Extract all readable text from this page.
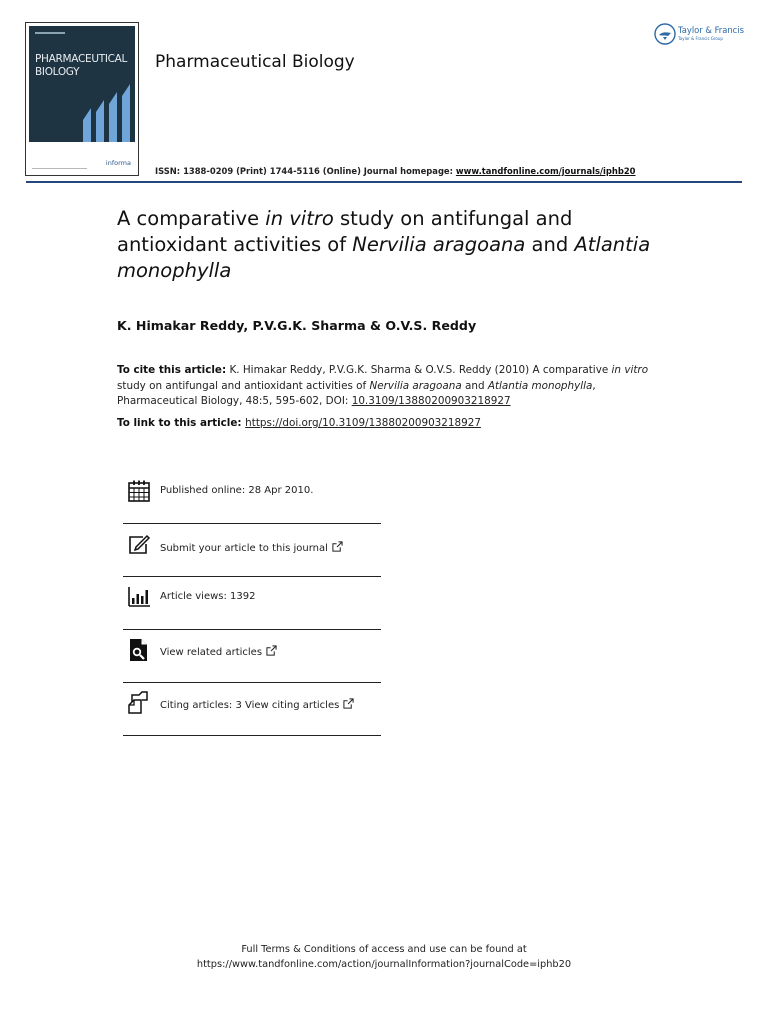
PHARMACEUTICAL
BIOLOGY
informa
Pharmaceutical Biology
ISSN: 1388-0209 (Print) 1744-5116 (Online) Journal homepage: www.tandfonline.com/journals/iphb20
Taylor & Francis
Taylor & Francis Group
A comparative in vitro study on antifungal and antioxidant activities of Nervilia aragoana and Atlantia monophylla
K. Himakar Reddy, P.V.G.K. Sharma & O.V.S. Reddy
To cite this article: K. Himakar Reddy, P.V.G.K. Sharma & O.V.S. Reddy (2010) A comparative in vitro study on antifungal and antioxidant activities of Nervilia aragoana and Atlantia monophylla, Pharmaceutical Biology, 48:5, 595-602, DOI: 10.3109/13880200903218927
To link to this article: https://doi.org/10.3109/13880200903218927
Published online: 28 Apr 2010.
Submit your article to this journal
Article views: 1392
View related articles
Citing articles: 3 View citing articles
Full Terms & Conditions of access and use can be found at
https://www.tandfonline.com/action/journalInformation?journalCode=iphb20
